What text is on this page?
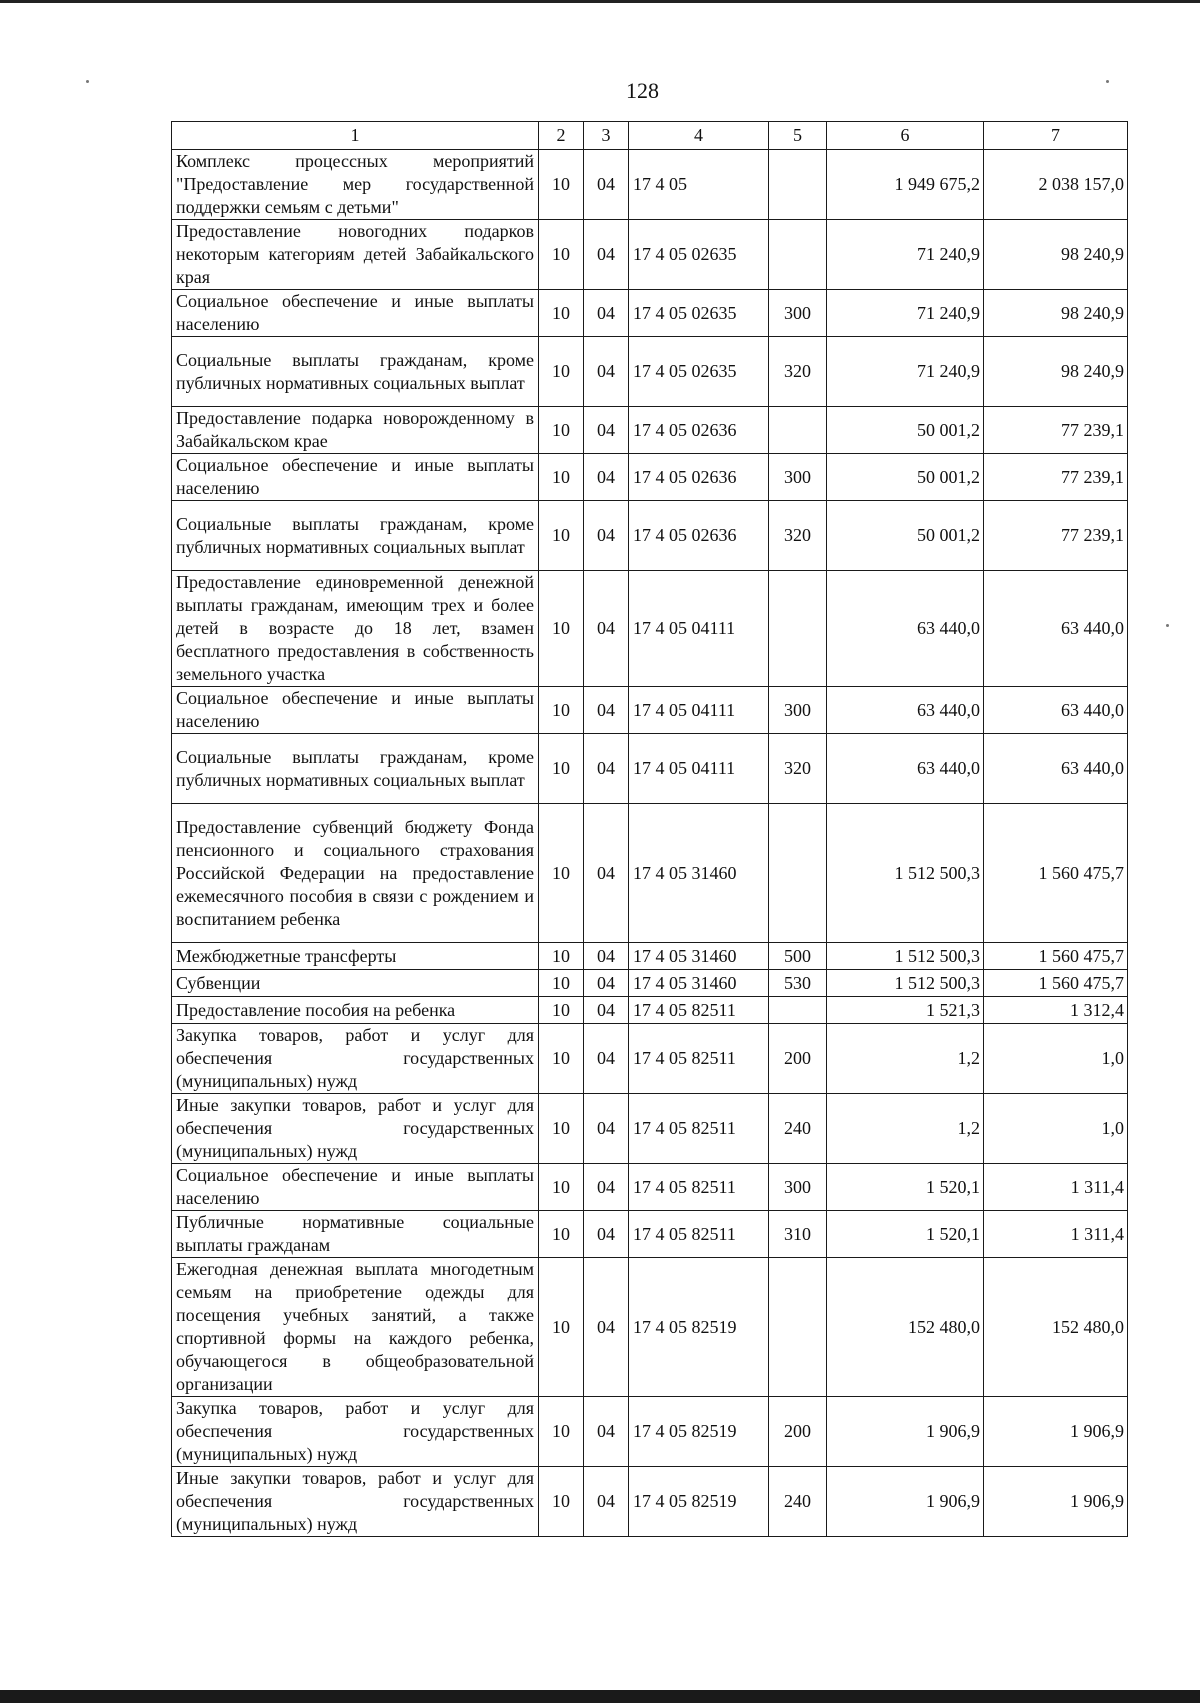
128
1	2	3	4	5	6	7
Комплекс процессных мероприятий "Предоставление мер государственной поддержки семьям с детьми"	10	04	17 4 05		1 949 675,2	2 038 157,0
Предоставление новогодних подарков некоторым категориям детей Забайкальского края	10	04	17 4 05 02635		71 240,9	98 240,9
Социальное обеспечение и иные выплаты населению	10	04	17 4 05 02635	300	71 240,9	98 240,9
Социальные выплаты гражданам, кроме публичных нормативных социальных выплат	10	04	17 4 05 02635	320	71 240,9	98 240,9
Предоставление подарка новорожденному в Забайкальском крае	10	04	17 4 05 02636		50 001,2	77 239,1
Социальное обеспечение и иные выплаты населению	10	04	17 4 05 02636	300	50 001,2	77 239,1
Социальные выплаты гражданам, кроме публичных нормативных социальных выплат	10	04	17 4 05 02636	320	50 001,2	77 239,1
Предоставление единовременной денежной выплаты гражданам, имеющим трех и более детей в возрасте до 18 лет, взамен бесплатного предоставления в собственность земельного участка	10	04	17 4 05 04111		63 440,0	63 440,0
Социальное обеспечение и иные выплаты населению	10	04	17 4 05 04111	300	63 440,0	63 440,0
Социальные выплаты гражданам, кроме публичных нормативных социальных выплат	10	04	17 4 05 04111	320	63 440,0	63 440,0
Предоставление субвенций бюджету Фонда пенсионного и социального страхования Российской Федерации на предоставление ежемесячного пособия в связи с рождением и воспитанием ребенка	10	04	17 4 05 31460		1 512 500,3	1 560 475,7
Межбюджетные трансферты	10	04	17 4 05 31460	500	1 512 500,3	1 560 475,7
Субвенции	10	04	17 4 05 31460	530	1 512 500,3	1 560 475,7
Предоставление пособия на ребенка	10	04	17 4 05 82511		1 521,3	1 312,4
Закупка товаров, работ и услуг для обеспечения государственных (муниципальных) нужд	10	04	17 4 05 82511	200	1,2	1,0
Иные закупки товаров, работ и услуг для обеспечения государственных (муниципальных) нужд	10	04	17 4 05 82511	240	1,2	1,0
Социальное обеспечение и иные выплаты населению	10	04	17 4 05 82511	300	1 520,1	1 311,4
Публичные нормативные социальные выплаты гражданам	10	04	17 4 05 82511	310	1 520,1	1 311,4
Ежегодная денежная выплата многодетным семьям на приобретение одежды для посещения учебных занятий, а также спортивной формы на каждого ребенка, обучающегося в общеобразовательной организации	10	04	17 4 05 82519		152 480,0	152 480,0
Закупка товаров, работ и услуг для обеспечения государственных (муниципальных) нужд	10	04	17 4 05 82519	200	1 906,9	1 906,9
Иные закупки товаров, работ и услуг для обеспечения государственных (муниципальных) нужд	10	04	17 4 05 82519	240	1 906,9	1 906,9
